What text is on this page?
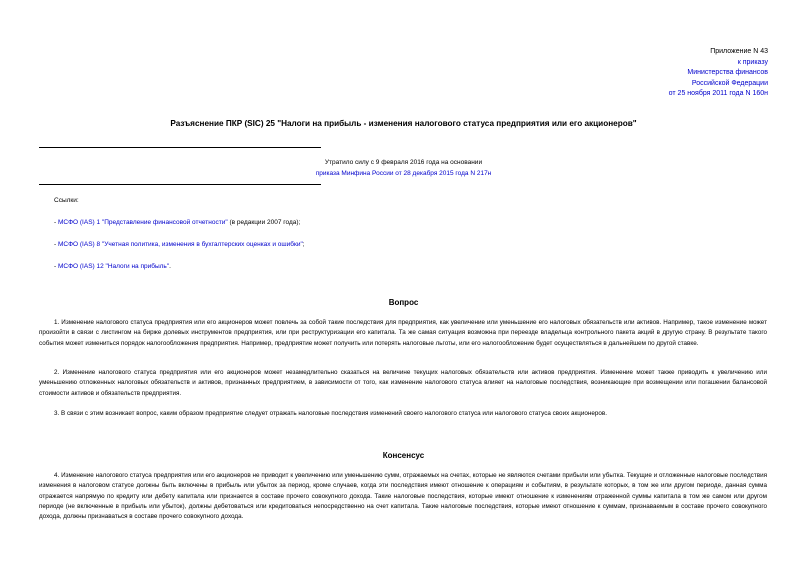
Приложение N 43
к приказу
Министерства финансов
Российской Федерации
от 25 ноября 2011 года N 160н
Разъяснение ПКР (SIC) 25 "Налоги на прибыль - изменения налогового статуса предприятия или его акционеров"
Утратило силу с 9 февраля 2016 года на основании
приказа Минфина России от 28 декабря 2015 года N 217н
Ссылки:
- МСФО (IAS) 1 "Представление финансовой отчетности" (в редакции 2007 года);
- МСФО (IAS) 8 "Учетная политика, изменения в бухгалтерских оценках и ошибки";
- МСФО (IAS) 12 "Налоги на прибыль".
Вопрос

1. Изменение налогового статуса предприятия или его акционеров может повлечь за собой такие последствия для предприятия, как увеличение или уменьшение его налоговых обязательств или активов. Например, такое изменение может произойти в связи с листингом на бирже долевых инструментов предприятия, или при реструктуризации его капитала. Та же самая ситуация возможна при переезде владельца контрольного пакета акций в другую страну. В результате такого события может измениться порядок налогообложения предприятия. Например, предприятие может получить или потерять налоговые льготы, или его налогообложение будет осуществляться в дальнейшем по другой ставке.

2. Изменение налогового статуса предприятия или его акционеров может незамедлительно сказаться на величине текущих налоговых обязательств или активов предприятия. Изменение может также приводить к увеличению или уменьшению отложенных налоговых обязательств и активов, признанных предприятием, в зависимости от того, как изменение налогового статуса влияет на налоговые последствия, возникающие при возмещении или погашении балансовой стоимости активов и обязательств предприятия.

3. В связи с этим возникает вопрос, каким образом предприятие следует отражать налоговые последствия изменений своего налогового статуса или налогового статуса своих акционеров.

Консенсус

4. Изменение налогового статуса предприятия или его акционеров не приводит к увеличению или уменьшению сумм, отражаемых на счетах, которые не являются счетами прибыли или убытка. Текущие и отложенные налоговые последствия изменения в налоговом статусе должны быть включены в прибыль или убыток за период, кроме случаев, когда эти последствия имеют отношение к операциям и событиям, в результате которых, в том же или другом периоде, данная сумма отражается напрямую по кредиту или дебету капитала или признается в составе прочего совокупного дохода. Такие налоговые последствия, которые имеют отношение к изменениям отраженной суммы капитала в том же самом или другом периоде (не включенные в прибыль или убыток), должны дебетоваться или кредитоваться непосредственно на счет капитала. Такие налоговые последствия, которые имеют отношение к суммам, признаваемым в составе прочего совокупного дохода, должны признаваться в составе прочего совокупного дохода.
